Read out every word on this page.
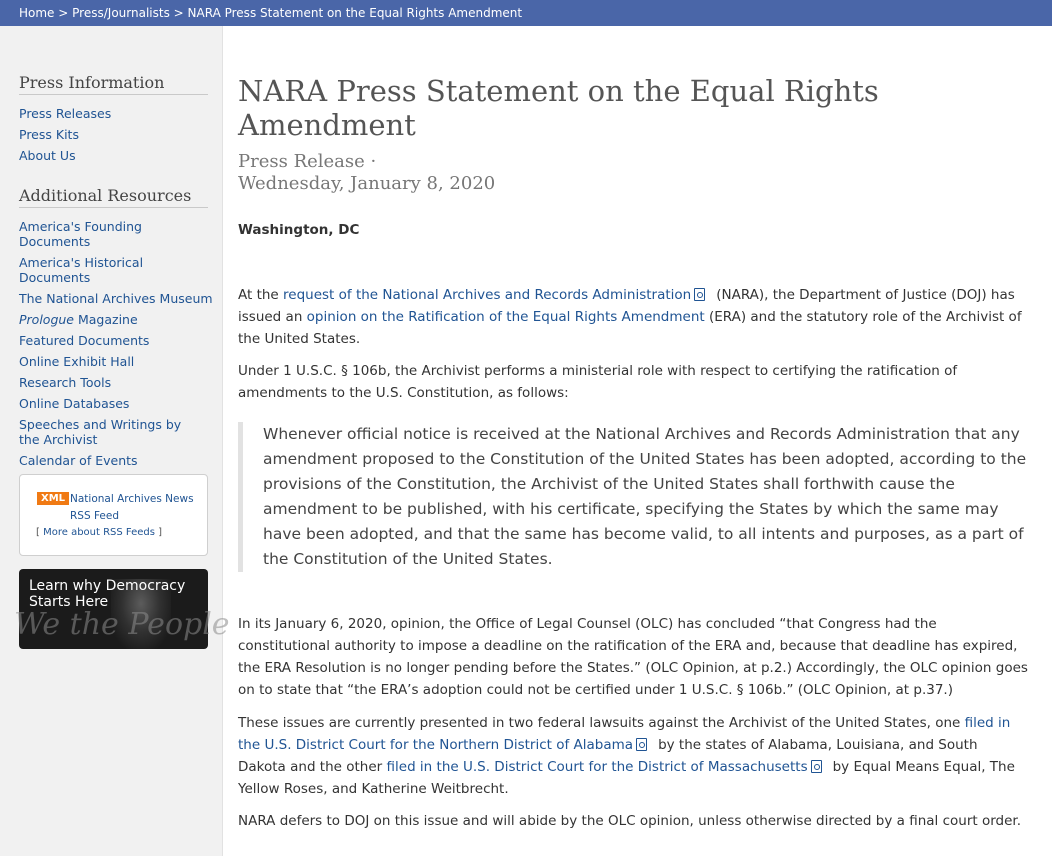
Home > Press/Journalists > NARA Press Statement on the Equal Rights Amendment
Press Information
Press Releases
Press Kits
About Us
Additional Resources
America's Founding Documents
America's Historical Documents
The National Archives Museum
Prologue Magazine
Featured Documents
Online Exhibit Hall
Research Tools
Online Databases
Speeches and Writings by the Archivist
Calendar of Events
XML National Archives News
RSS Feed
[ More about RSS Feeds ]
We the People
Learn why Democracy Starts Here
NARA Press Statement on the Equal Rights Amendment
Press Release ·
Wednesday, January 8, 2020
Washington, DC

At the request of the National Archives and Records Administration (NARA), the Department of Justice (DOJ) has issued an opinion on the Ratification of the Equal Rights Amendment (ERA) and the statutory role of the Archivist of the United States.

Under 1 U.S.C. § 106b, the Archivist performs a ministerial role with respect to certifying the ratification of amendments to the U.S. Constitution, as follows:

Whenever official notice is received at the National Archives and Records Administration that any amendment proposed to the Constitution of the United States has been adopted, according to the provisions of the Constitution, the Archivist of the United States shall forthwith cause the amendment to be published, with his certificate, specifying the States by which the same may have been adopted, and that the same has become valid, to all intents and purposes, as a part of the Constitution of the United States.

In its January 6, 2020, opinion, the Office of Legal Counsel (OLC) has concluded “that Congress had the constitutional authority to impose a deadline on the ratification of the ERA and, because that deadline has expired, the ERA Resolution is no longer pending before the States.” (OLC Opinion, at p.2.) Accordingly, the OLC opinion goes on to state that “the ERA’s adoption could not be certified under 1 U.S.C. § 106b.” (OLC Opinion, at p.37.)

These issues are currently presented in two federal lawsuits against the Archivist of the United States, one filed in the U.S. District Court for the Northern District of Alabama by the states of Alabama, Louisiana, and South Dakota and the other filed in the U.S. District Court for the District of Massachusetts by Equal Means Equal, The Yellow Roses, and Katherine Weitbrecht.

NARA defers to DOJ on this issue and will abide by the OLC opinion, unless otherwise directed by a final court order.
